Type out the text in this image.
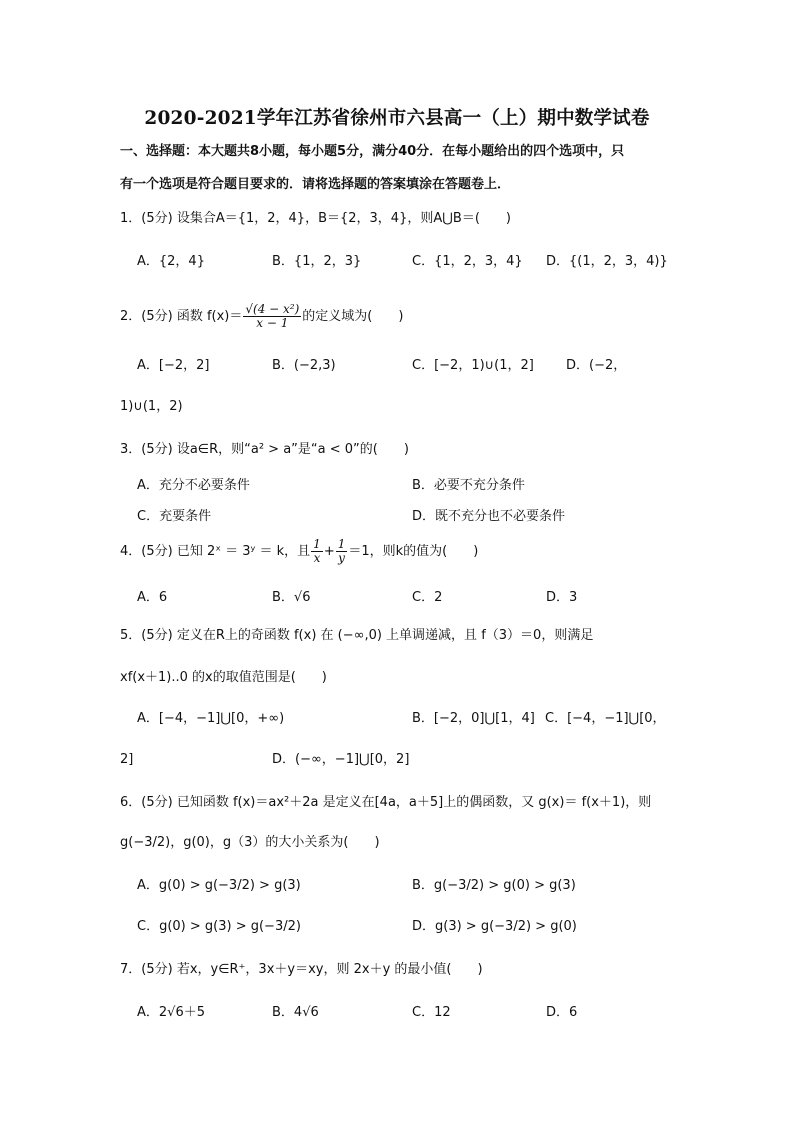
2020-2021学年江苏省徐州市六县高一（上）期中数学试卷
一、选择题：本大题共8小题，每小题5分，满分40分．在每小题给出的四个选项中，只
有一个选项是符合题目要求的．请将选择题的答案填涂在答题卷上．
1．(5分) 设集合A＝{1，2，4}，B＝{2，3，4}，则A⋃B＝(　　)
A．{2，4}	B．{1，2，3}	C．{1，2，3，4} D．{(1，2，3，4)}
2．(5分) 函数 $f(x)= \frac{\text{√(4 − x²)}}{x - 1}$ 的定义域为(　　)
A．[−2，2]	B．(−2,3)	C．[−2，1)∪(1，2] D．(−2，
1)∪(1，2)
3．(5分) 设a∈R，则“a² > a”是“a < 0”的(　　)
A．充分不必要条件	B．必要不充分条件
C．充要条件	D．既不充分也不必要条件
4．(5分) 已知 2ˣ ＝ 3ʸ ＝ k，且 $\frac{1}{x} + \frac{1}{y} =1$，则k的值为(　　)
A．6	B．√6	C．2	D．3
5．(5分) 定义在R上的奇函数 f(x) 在 (−∞,0) 上单调递减，且 f（3）＝0，则满足
xf(x＋1)..0 的x的取值范围是(　　)
A．[−4，−1]⋃[0，+∞)	B．[−2，0]⋃[1，4] C．[−4，−1]⋃[0，
2]	D．(−∞，−1]⋃[0，2]
6．(5分) 已知函数 f(x)＝ax²＋2a 是定义在[4a，a＋5]上的偶函数，又 g(x)＝ f(x＋1)，则
g(−3/2)，g(0)，g（3）的大小关系为(　　)
A．g(0) > g(−3/2) > g(3)	B．g(−3/2) > g(0) > g(3)
C．g(0) > g(3) > g(−3/2)	D．g(3) > g(−3/2) > g(0)
7．(5分) 若x，y∈R⁺，3x＋y＝xy，则 2x＋y 的最小值(　　)
A．2√6＋5	B．4√6	C．12	D．6
